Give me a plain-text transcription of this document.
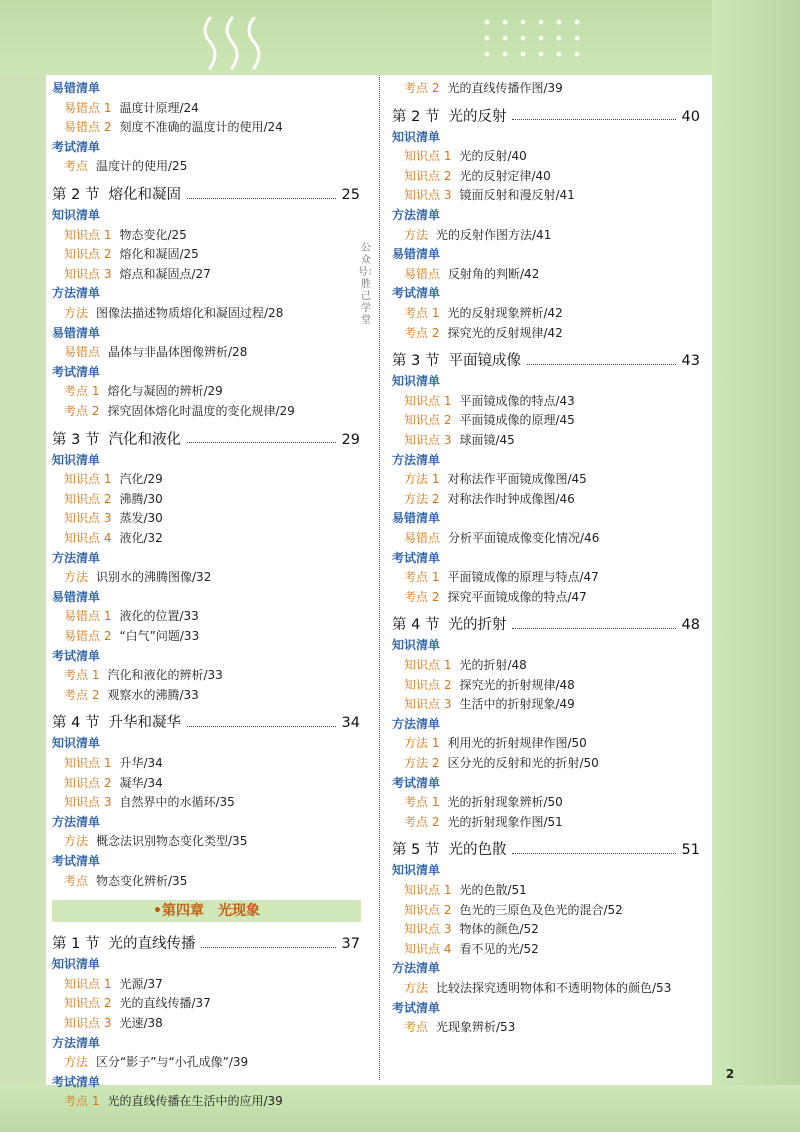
易错清单
易错点 1 温度计原理/24
易错点 2 刻度不准确的温度计的使用/24
考试清单
考点 温度计的使用/25
第 2 节 熔化和凝固	25
知识清单
知识点 1 物态变化/25
知识点 2 熔化和凝固/25
知识点 3 熔点和凝固点/27
方法清单
方法 图像法描述物质熔化和凝固过程/28
易错清单
易错点 晶体与非晶体图像辨析/28
考试清单
考点 1 熔化与凝固的辨析/29
考点 2 探究固体熔化时温度的变化规律/29
第 3 节 汽化和液化	29
知识清单
知识点 1 汽化/29
知识点 2 沸腾/30
知识点 3 蒸发/30
知识点 4 液化/32
方法清单
方法 识别水的沸腾图像/32
易错清单
易错点 1 液化的位置/33
易错点 2 “白气”问题/33
考试清单
考点 1 汽化和液化的辨析/33
考点 2 观察水的沸腾/33
第 4 节 升华和凝华	34
知识清单
知识点 1 升华/34
知识点 2 凝华/34
知识点 3 自然界中的水循环/35
方法清单
方法 概念法识别物态变化类型/35
考试清单
考点 物态变化辨析/35
•第四章　光现象
第 1 节 光的直线传播	37
知识清单
知识点 1 光源/37
知识点 2 光的直线传播/37
知识点 3 光速/38
方法清单
方法 区分“影子”与“小孔成像”/39
考试清单
考点 1 光的直线传播在生活中的应用/39
公众号：胜己学堂
考点 2 光的直线传播作图/39
第 2 节 光的反射	40
知识清单
知识点 1 光的反射/40
知识点 2 光的反射定律/40
知识点 3 镜面反射和漫反射/41
方法清单
方法 光的反射作图方法/41
易错清单
易错点 反射角的判断/42
考试清单
考点 1 光的反射现象辨析/42
考点 2 探究光的反射规律/42
第 3 节 平面镜成像	43
知识清单
知识点 1 平面镜成像的特点/43
知识点 2 平面镜成像的原理/45
知识点 3 球面镜/45
方法清单
方法 1 对称法作平面镜成像图/45
方法 2 对称法作时钟成像图/46
易错清单
易错点 分析平面镜成像变化情况/46
考试清单
考点 1 平面镜成像的原理与特点/47
考点 2 探究平面镜成像的特点/47
第 4 节 光的折射	48
知识清单
知识点 1 光的折射/48
知识点 2 探究光的折射规律/48
知识点 3 生活中的折射现象/49
方法清单
方法 1 利用光的折射规律作图/50
方法 2 区分光的反射和光的折射/50
考试清单
考点 1 光的折射现象辨析/50
考点 2 光的折射现象作图/51
第 5 节 光的色散	51
知识清单
知识点 1 光的色散/51
知识点 2 色光的三原色及色光的混合/52
知识点 3 物体的颜色/52
知识点 4 看不见的光/52
方法清单
方法 比较法探究透明物体和不透明物体的颜色/53
考试清单
考点 光现象辨析/53
2
